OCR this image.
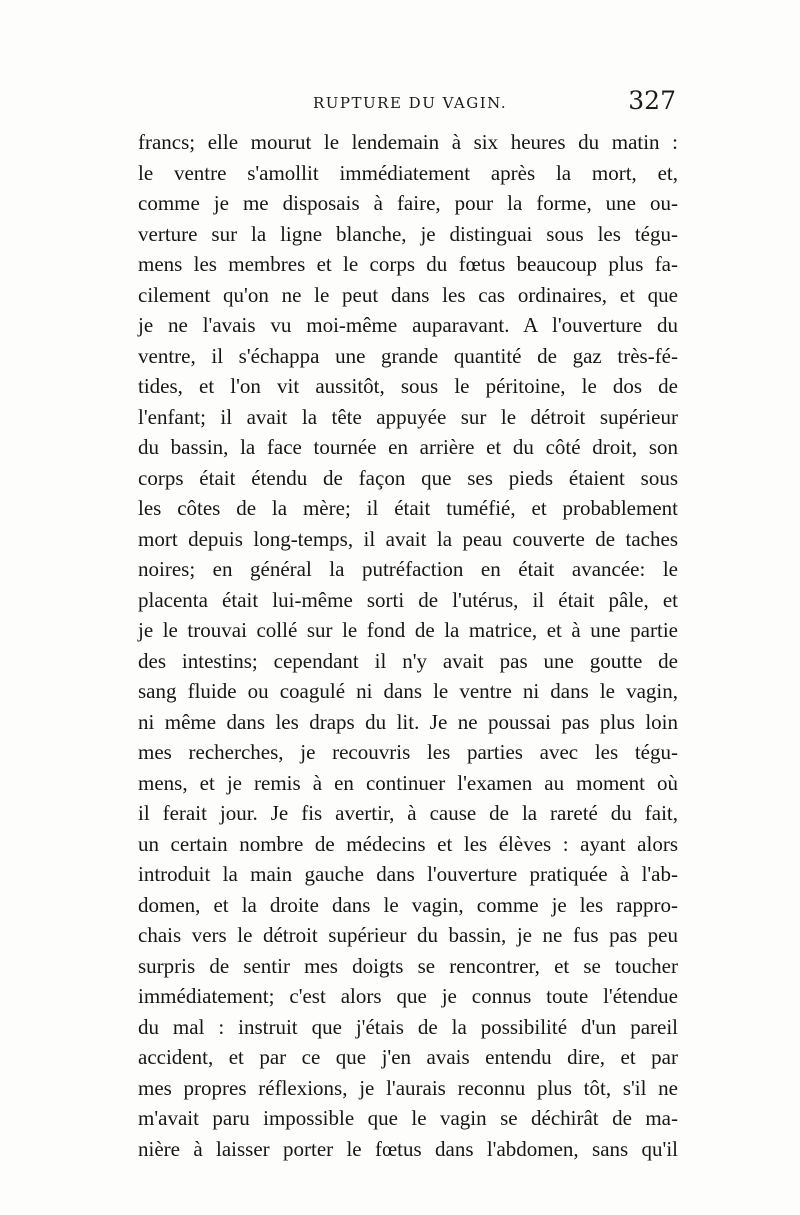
RUPTURE DU VAGIN.	327
francs; elle mourut le lendemain à six heures du matin :
le ventre s'amollit immédiatement après la mort, et,
comme je me disposais à faire, pour la forme, une ou-
verture sur la ligne blanche, je distinguai sous les tégu-
mens les membres et le corps du fœtus beaucoup plus fa-
cilement qu'on ne le peut dans les cas ordinaires, et que
je ne l'avais vu moi-même auparavant. A l'ouverture du
ventre, il s'échappa une grande quantité de gaz très-fé-
tides, et l'on vit aussitôt, sous le péritoine, le dos de
l'enfant; il avait la tête appuyée sur le détroit supérieur
du bassin, la face tournée en arrière et du côté droit, son
corps était étendu de façon que ses pieds étaient sous
les côtes de la mère; il était tuméfié, et probablement
mort depuis long-temps, il avait la peau couverte de taches
noires; en général la putréfaction en était avancée: le
placenta était lui-même sorti de l'utérus, il était pâle, et
je le trouvai collé sur le fond de la matrice, et à une partie
des intestins; cependant il n'y avait pas une goutte de
sang fluide ou coagulé ni dans le ventre ni dans le vagin,
ni même dans les draps du lit. Je ne poussai pas plus loin
mes recherches, je recouvris les parties avec les tégu-
mens, et je remis à en continuer l'examen au moment où
il ferait jour. Je fis avertir, à cause de la rareté du fait,
un certain nombre de médecins et les élèves : ayant alors
introduit la main gauche dans l'ouverture pratiquée à l'ab-
domen, et la droite dans le vagin, comme je les rappro-
chais vers le détroit supérieur du bassin, je ne fus pas peu
surpris de sentir mes doigts se rencontrer, et se toucher
immédiatement; c'est alors que je connus toute l'étendue
du mal : instruit que j'étais de la possibilité d'un pareil
accident, et par ce que j'en avais entendu dire, et par
mes propres réflexions, je l'aurais reconnu plus tôt, s'il ne
m'avait paru impossible que le vagin se déchirât de ma-
nière à laisser porter le fœtus dans l'abdomen, sans qu'il
